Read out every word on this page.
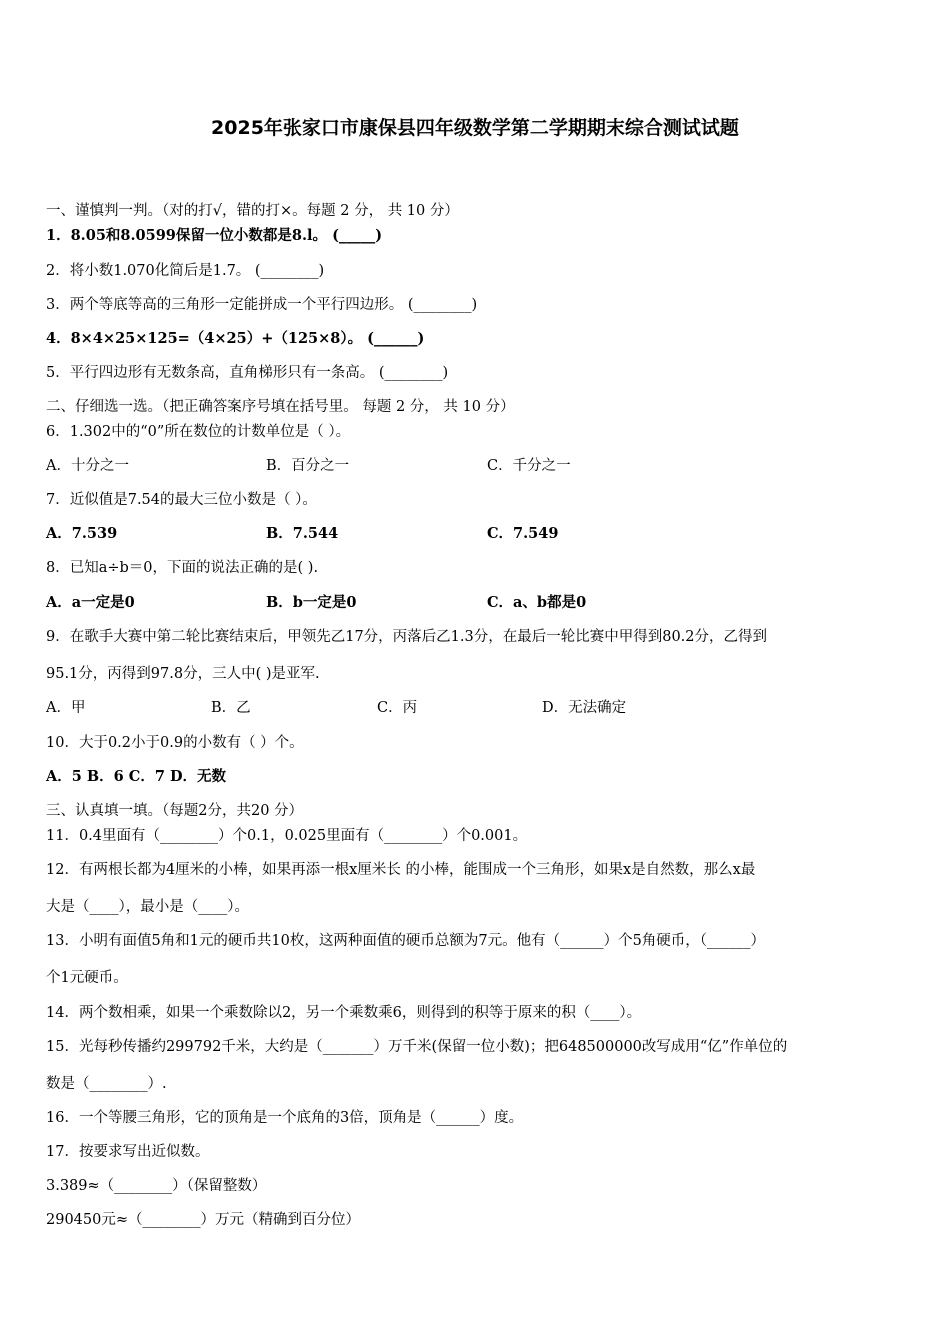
2025年张家口市康保县四年级数学第二学期期末综合测试试题
一、谨慎判一判。（对的打√，错的打×。每题 2 分， 共 10 分）
1．8.05和8.0599保留一位小数都是8.l。 (_____)
2．将小数1.070化简后是1.7。 (________)
3．两个等底等高的三角形一定能拼成一个平行四边形。 (________)
4．8×4×25×125=（4×25）+（125×8）。 (______)
5．平行四边形有无数条高，直角梯形只有一条高。 (________)
二、仔细选一选。（把正确答案序号填在括号里。 每题 2 分， 共 10 分）
6．1.302中的“0”所在数位的计数单位是（ ）。
A．十分之一	B．百分之一	C．千分之一
7．近似值是7.54的最大三位小数是（ ）。
A．7.539	B．7.544	C．7.549
8．已知a÷b＝0，下面的说法正确的是( ).
A．a一定是0	B．b一定是0	C．a、b都是0
9．在歌手大赛中第二轮比赛结束后，甲领先乙17分，丙落后乙1.3分，在最后一轮比赛中甲得到80.2分，乙得到
95.1分，丙得到97.8分，三人中( )是亚军.
A．甲	B．乙	C．丙	D．无法确定
10．大于0.2小于0.9的小数有（ ）个。
A．5 B．6 C．7 D．无数
三、认真填一填。（每题2分，共20 分）
11．0.4里面有（________）个0.1，0.025里面有（________）个0.001。
12．有两根长都为4厘米的小棒，如果再添一根x厘米长 的小棒，能围成一个三角形，如果x是自然数，那么x最
大是（____），最小是（____）。
13．小明有面值5角和1元的硬币共10枚，这两种面值的硬币总额为7元。他有（______）个5角硬币，（______）
个1元硬币。
14．两个数相乘，如果一个乘数除以2，另一个乘数乘6，则得到的积等于原来的积（____）。
15．光每秒传播约299792千米，大约是（_______）万千米(保留一位小数)；把648500000改写成用“亿”作单位的
数是（________）.
16．一个等腰三角形，它的顶角是一个底角的3倍，顶角是（______）度。
17．按要求写出近似数。
3.389≈（________）（保留整数）
290450元≈（________）万元（精确到百分位）
